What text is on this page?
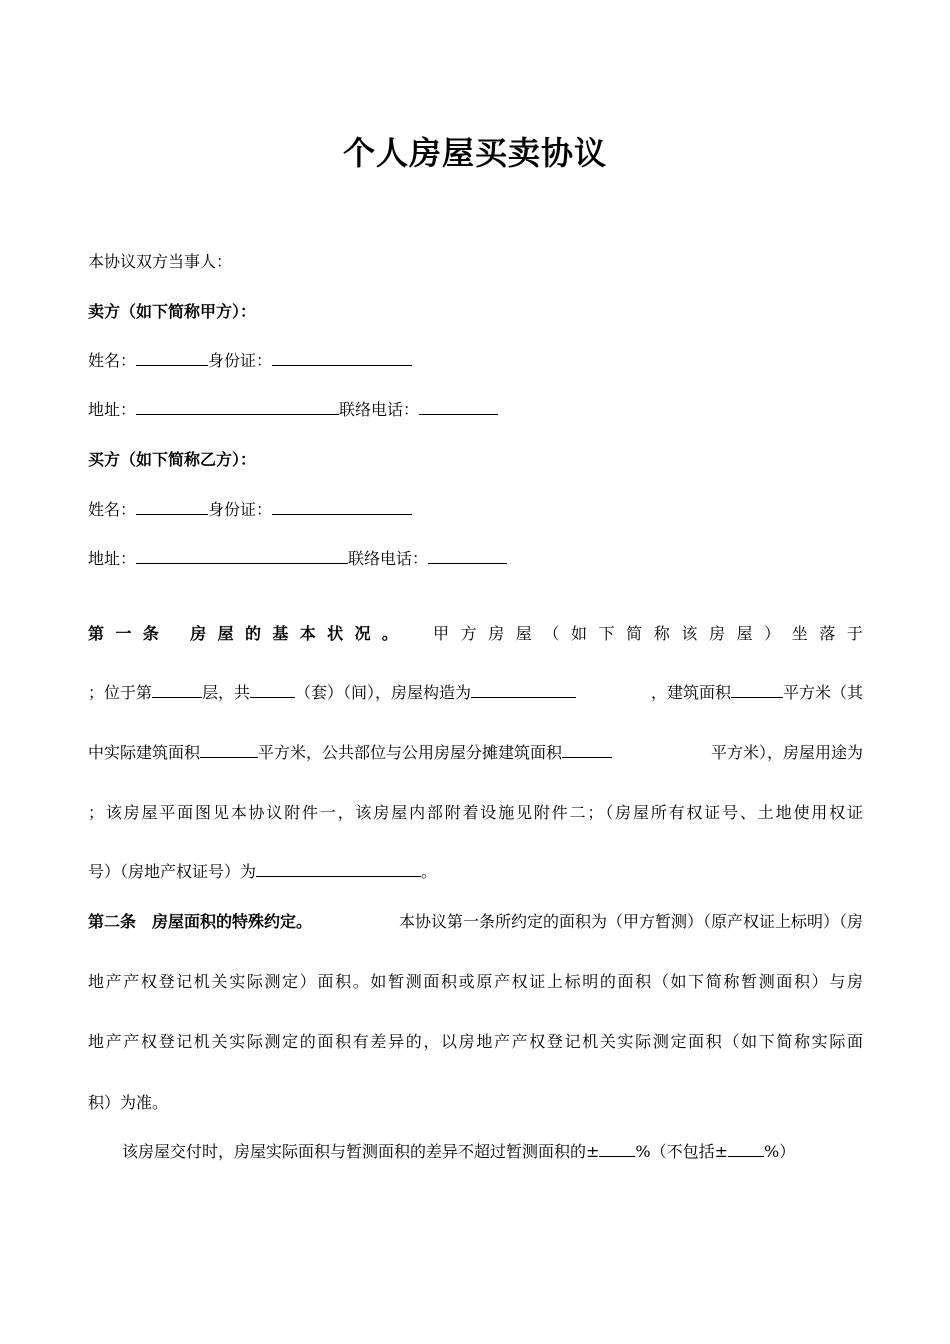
个人房屋买卖协议
本协议双方当事人：
卖方（如下简称甲方）：
姓名：	身份证：
地址：	联络电话：
买方（如下简称乙方）：
姓名：	身份证：
地址：	联络电话：
第 一 条 房 屋 的 基 本 状 况 。 甲 方 房 屋 （ 如 下 简 称 该 房 屋 ） 坐 落 于
；位于第	层，共	（套）（间），房屋构造为	，建筑面积	平方米（其
中实际建筑面积	平方米，公共部位与公用房屋分摊建筑面积	平方米），房屋用途为
；该房屋平面图见本协议附件一，该房屋内部附着设施见附件二；（房屋所有权证号、土地使用权证
号）（房地产权证号）为	。
第二条　房屋面积的特殊约定。	本协议第一条所约定的面积为（甲方暂测）（原产权证上标明）（房
地产产权登记机关实际测定）面积。如暂测面积或原产权证上标明的面积（如下简称暂测面积）与房
地产产权登记机关实际测定的面积有差异的，以房地产产权登记机关实际测定面积（如下简称实际面
积）为准。
该房屋交付时，房屋实际面积与暂测面积的差异不超过暂测面积的± %（不包括± %）
